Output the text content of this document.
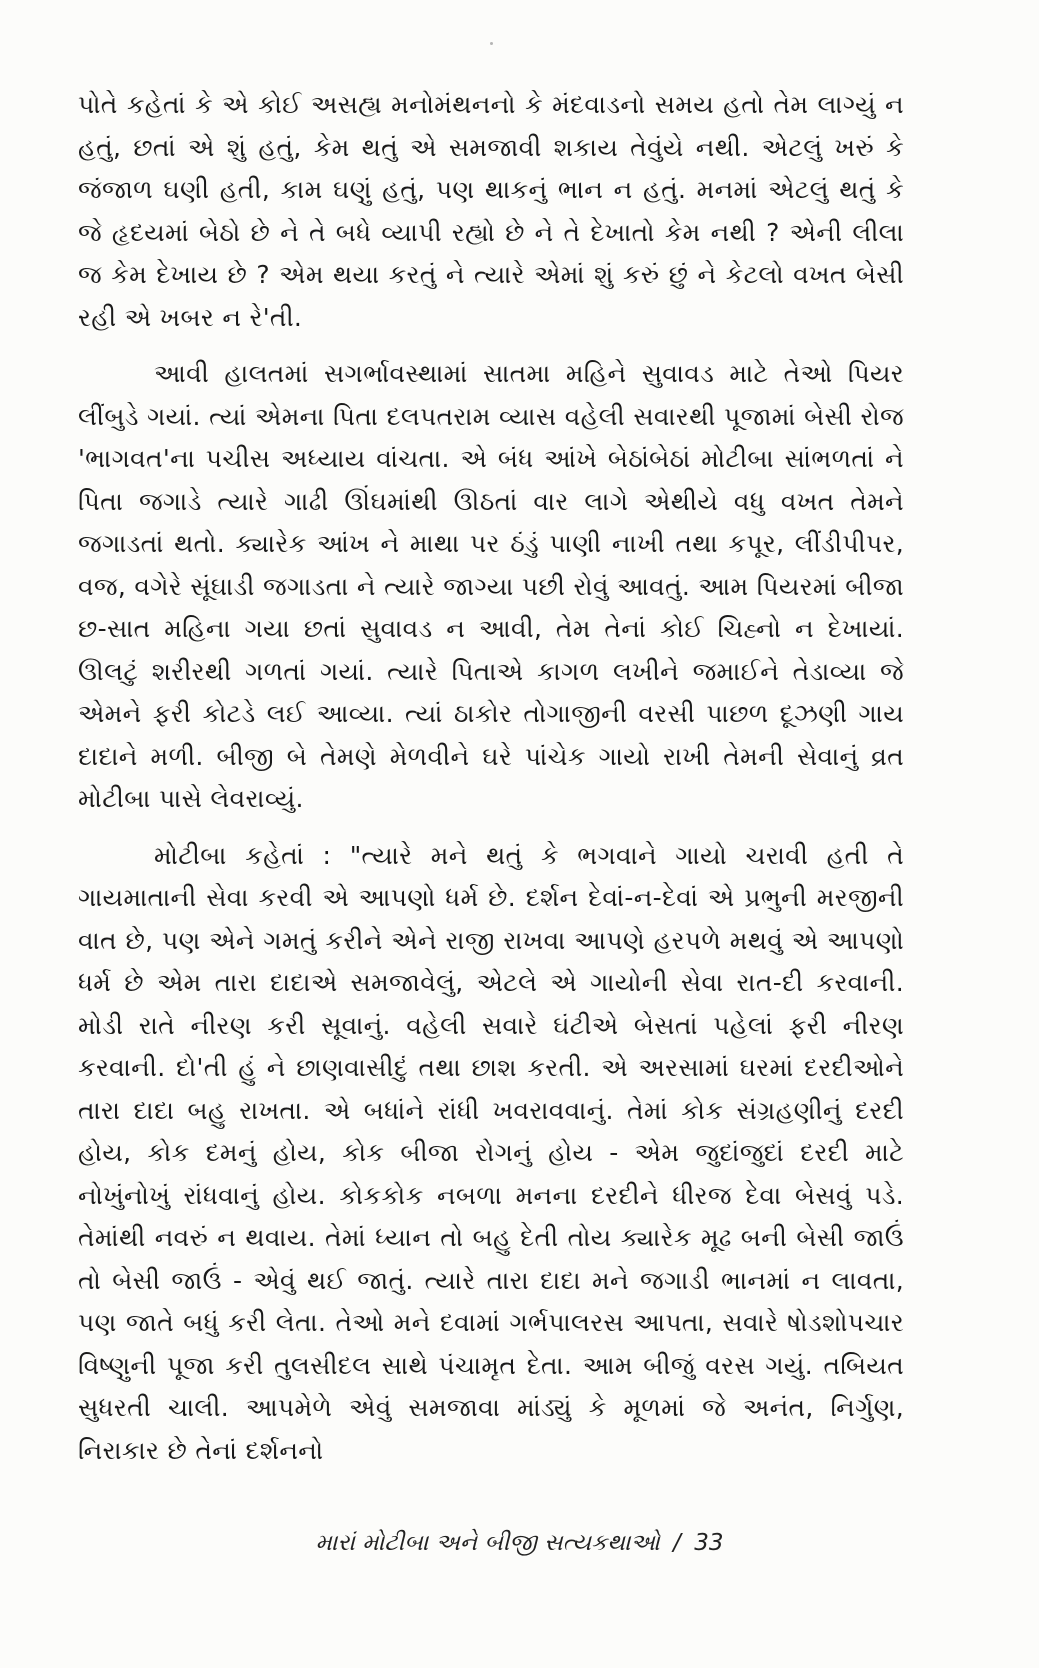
પોતે કહેતાં કે એ કોઈ અસહ્ય મનોમંથનનો કે મંદવાડનો સમય હતો તેમ લાગ્યું ન હતું, છતાં એ શું હતું, કેમ થતું એ સમજાવી શકાય તેવુંયે નથી. એટલું ખરું કે જંજાળ ઘણી હતી, કામ ઘણું હતું, પણ થાકનું ભાન ન હતું. મનમાં એટલું થતું કે જે હૃદયમાં બેઠો છે ને તે બધે વ્યાપી રહ્યો છે ને તે દેખાતો કેમ નથી ? એની લીલા જ કેમ દેખાય છે ? એમ થયા કરતું ને ત્યારે એમાં શું કરું છું ને કેટલો વખત બેસી રહી એ ખબર ન રે'તી.

આવી હાલતમાં સગર્ભાવસ્થામાં સાતમા મહિને સુવાવડ માટે તેઓ પિયર લીંબુડે ગયાં. ત્યાં એમના પિતા દલપતરામ વ્યાસ વહેલી સવારથી પૂજામાં બેસી રોજ 'ભાગવત'ના પચીસ અધ્યાય વાંચતા. એ બંધ આંખે બેઠાંબેઠાં મોટીબા સાંભળતાં ને પિતા જગાડે ત્યારે ગાઢી ઊંઘમાંથી ઊઠતાં વાર લાગે એથીયે વધુ વખત તેમને જગાડતાં થતો. ક્યારેક આંખ ને માથા પર ઠંડું પાણી નાખી તથા કપૂર, લીંડીપીપર, વજ, વગેરે સૂંઘાડી જગાડતા ને ત્યારે જાગ્યા પછી રોવું આવતું. આમ પિયરમાં બીજા છ-સાત મહિના ગયા છતાં સુવાવડ ન આવી, તેમ તેનાં કોઈ ચિહ્નો ન દેખાયાં. ઊલટું શરીરથી ગળતાં ગયાં. ત્યારે પિતાએ કાગળ લખીને જમાઈને તેડાવ્યા જે એમને ફરી કોટડે લઈ આવ્યા. ત્યાં ઠાકોર તોગાજીની વરસી પાછળ દૂઝણી ગાય દાદાને મળી. બીજી બે તેમણે મેળવીને ઘરે પાંચેક ગાયો રાખી તેમની સેવાનું વ્રત મોટીબા પાસે લેવરાવ્યું.

મોટીબા કહેતાં : "ત્યારે મને થતું કે ભગવાને ગાયો ચરાવી હતી તે ગાયમાતાની સેવા કરવી એ આપણો ધર્મ છે. દર્શન દેવાં-ન-દેવાં એ પ્રભુની મરજીની વાત છે, પણ એને ગમતું કરીને એને રાજી રાખવા આપણે હરપળે મથવું એ આપણો ધર્મ છે એમ તારા દાદાએ સમજાવેલું, એટલે એ ગાયોની સેવા રાત-દી કરવાની. મોડી રાતે નીરણ કરી સૂવાનું. વહેલી સવારે ઘંટીએ બેસતાં પહેલાં ફરી નીરણ કરવાની. દો'તી હું ને છાણવાસીદું તથા છાશ કરતી. એ અરસામાં ઘરમાં દરદીઓને તારા દાદા બહુ રાખતા. એ બધાંને રાંધી ખવરાવવાનું. તેમાં કોક સંગ્રહણીનું દરદી હોય, કોક દમનું હોય, કોક બીજા રોગનું હોય - એમ જુદાંજુદાં દરદી માટે નોખુંનોખું રાંધવાનું હોય. કોકકોક નબળા મનના દરદીને ધીરજ દેવા બેસવું પડે. તેમાંથી નવરું ન થવાય. તેમાં ધ્યાન તો બહુ દેતી તોય ક્યારેક મૂઢ બની બેસી જાઉં તો બેસી જાઉં - એવું થઈ જાતું. ત્યારે તારા દાદા મને જગાડી ભાનમાં ન લાવતા, પણ જાતે બધું કરી લેતા. તેઓ મને દવામાં ગર્ભપાલરસ આપતા, સવારે ષોડશોપચાર વિષ્ણુની પૂજા કરી તુલસીદલ સાથે પંચામૃત દેતા. આમ બીજું વરસ ગયું. તબિયત સુધરતી ચાલી. આપમેળે એવું સમજાવા માંડ્યું કે મૂળમાં જે અનંત, નિર્ગુણ, નિરાકાર છે તેનાં દર્શનનો

મારાં મોટીબા અને બીજી સત્યકથાઓ / 33
